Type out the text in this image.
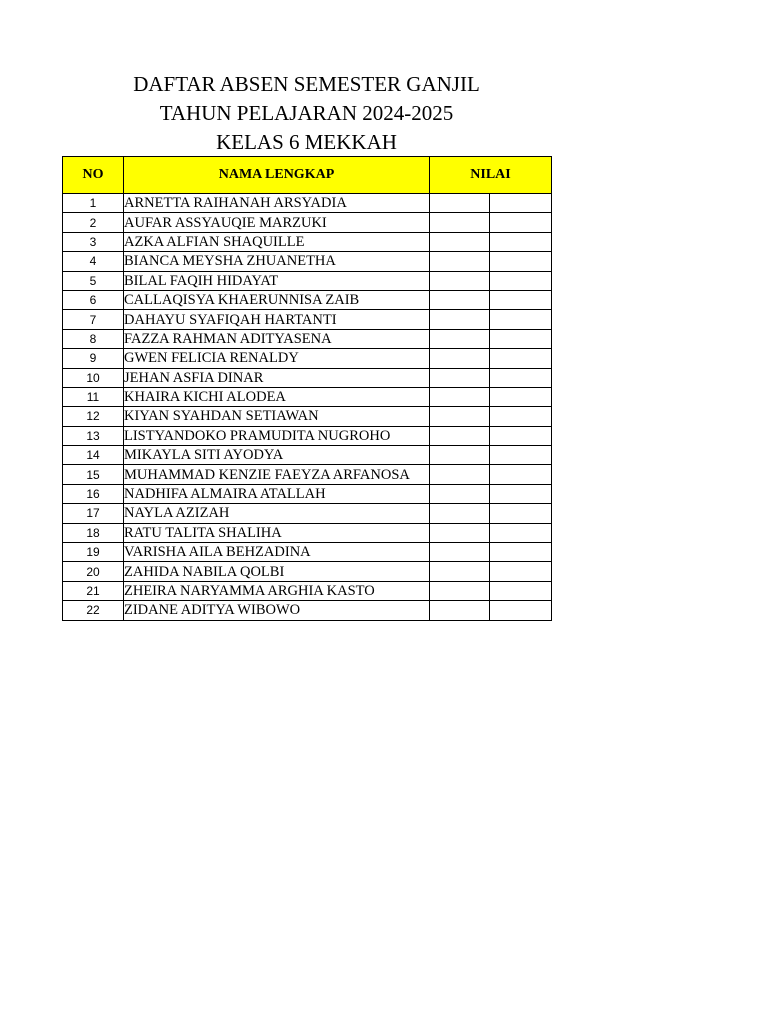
DAFTAR ABSEN SEMESTER GANJIL
TAHUN PELAJARAN 2024-2025
KELAS 6 MEKKAH
NO	NAMA LENGKAP	NILAI	
1	ARNETTA RAIHANAH ARSYADIA		
2	AUFAR ASSYAUQIE MARZUKI		
3	AZKA ALFIAN SHAQUILLE		
4	BIANCA MEYSHA ZHUANETHA		
5	BILAL FAQIH HIDAYAT		
6	CALLAQISYA KHAERUNNISA ZAIB		
7	DAHAYU SYAFIQAH HARTANTI		
8	FAZZA RAHMAN ADITYASENA		
9	GWEN FELICIA RENALDY		
10	JEHAN ASFIA DINAR		
11	KHAIRA KICHI ALODEA		
12	KIYAN SYAHDAN SETIAWAN		
13	LISTYANDOKO PRAMUDITA NUGROHO		
14	MIKAYLA SITI AYODYA		
15	MUHAMMAD KENZIE FAEYZA ARFANOSA		
16	NADHIFA ALMAIRA ATALLAH		
17	NAYLA AZIZAH		
18	RATU TALITA SHALIHA		
19	VARISHA AILA BEHZADINA		
20	ZAHIDA NABILA QOLBI		
21	ZHEIRA NARYAMMA ARGHIA KASTO		
22	ZIDANE ADITYA WIBOWO		
